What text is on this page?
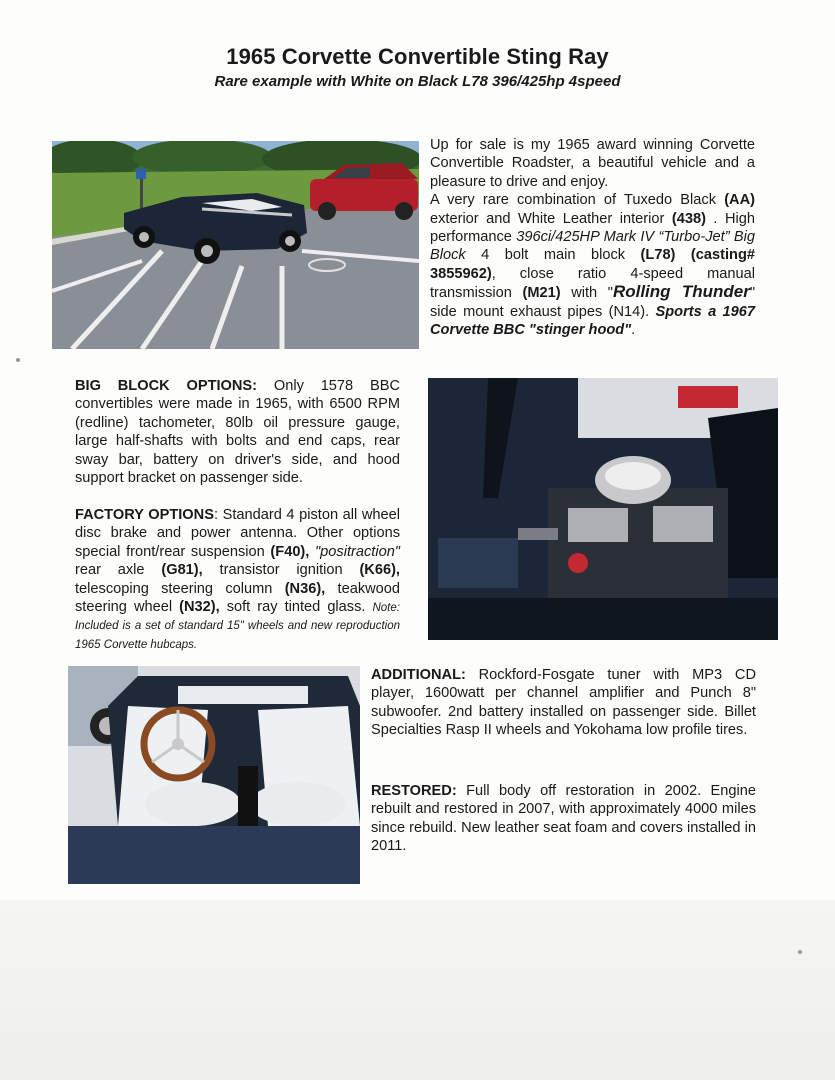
1965 Corvette Convertible Sting Ray
Rare example with White on Black L78 396/425hp 4speed
Up for sale is my 1965 award winning Corvette Convertible Roadster, a beautiful vehicle and a pleasure to drive and enjoy.
A very rare combination of Tuxedo Black (AA) exterior and White Leather interior (438) . High performance 396ci/425HP Mark IV “Turbo-Jet” Big Block 4 bolt main block (L78) (casting# 3855962), close ratio 4-speed manual transmission (M21) with "Rolling Thunder" side mount exhaust pipes (N14). Sports a 1967 Corvette BBC "stinger hood".
BIG BLOCK OPTIONS: Only 1578 BBC convertibles were made in 1965, with 6500 RPM (redline) tachometer, 80lb oil pressure gauge, large half-shafts with bolts and end caps, rear sway bar, battery on driver's side, and hood support bracket on passenger side.
FACTORY OPTIONS: Standard 4 piston all wheel disc brake and power antenna. Other options special front/rear suspension (F40), "positraction" rear axle (G81), transistor ignition (K66), telescoping steering column (N36), teakwood steering wheel (N32), soft ray tinted glass. Note: Included is a set of standard 15" wheels and new reproduction 1965 Corvette hubcaps.
ADDITIONAL: Rockford-Fosgate tuner with MP3 CD player, 1600watt per channel amplifier and Punch 8" subwoofer. 2nd battery installed on passenger side. Billet Specialties Rasp II wheels and Yokohama low profile tires.
RESTORED: Full body off restoration in 2002. Engine rebuilt and restored in 2007, with approximately 4000 miles since rebuild. New leather seat foam and covers installed in 2011.
